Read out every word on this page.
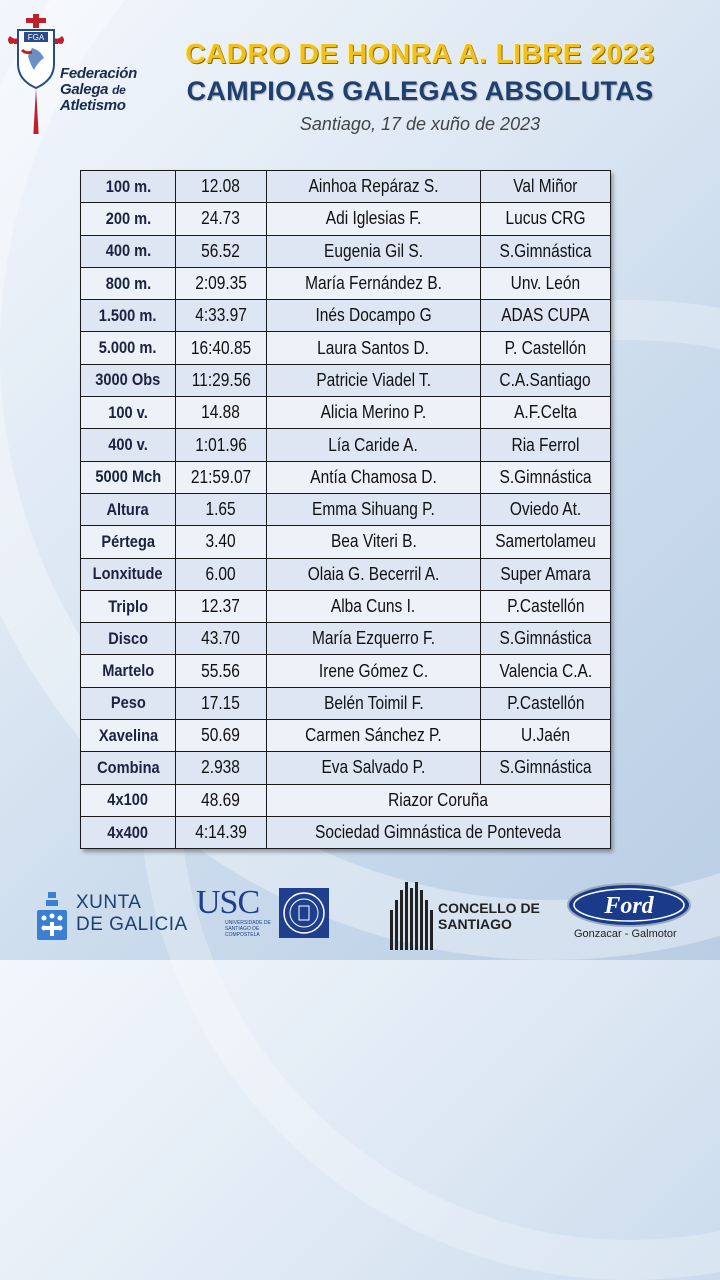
FGA
Federación
Galega de
Atletismo
CADRO DE HONRA A. LIBRE 2023
CAMPIOAS GALEGAS ABSOLUTAS
Santiago, 17 de xuño de 2023
100 m.	12.08	Ainhoa Repáraz S.	Val Miñor
200 m.	24.73	Adi Iglesias F.	Lucus CRG
400 m.	56.52	Eugenia Gil S.	S.Gimnástica
800 m.	2:09.35	María Fernández B.	Unv. León
1.500 m.	4:33.97	Inés Docampo G	ADAS CUPA
5.000 m.	16:40.85	Laura Santos D.	P. Castellón
3000 Obs	11:29.56	Patricie Viadel T.	C.A.Santiago
100 v.	14.88	Alicia Merino P.	A.F.Celta
400 v.	1:01.96	Lía Caride A.	Ria Ferrol
5000 Mch	21:59.07	Antía Chamosa D.	S.Gimnástica
Altura	1.65	Emma Sihuang P.	Oviedo At.
Pértega	3.40	Bea Viteri B.	Samertolameu
Lonxitude	6.00	Olaia G. Becerril A.	Super Amara
Triplo	12.37	Alba Cuns I.	P.Castellón
Disco	43.70	María Ezquerro F.	S.Gimnástica
Martelo	55.56	Irene Gómez C.	Valencia C.A.
Peso	17.15	Belén Toimil F.	P.Castellón
Xavelina	50.69	Carmen Sánchez P.	U.Jaén
Combina	2.938	Eva Salvado P.	S.Gimnástica
4x100	48.69	Riazor Coruña	
4x400	4:14.39	Sociedad Gimnástica de Ponteveda	
XUNTA
DE GALICIA
USC
UNIVERSIDADE DE SANTIAGO DE COMPOSTELA
CONCELLO DE
SANTIAGO
Ford
Gonzacar - Galmotor
